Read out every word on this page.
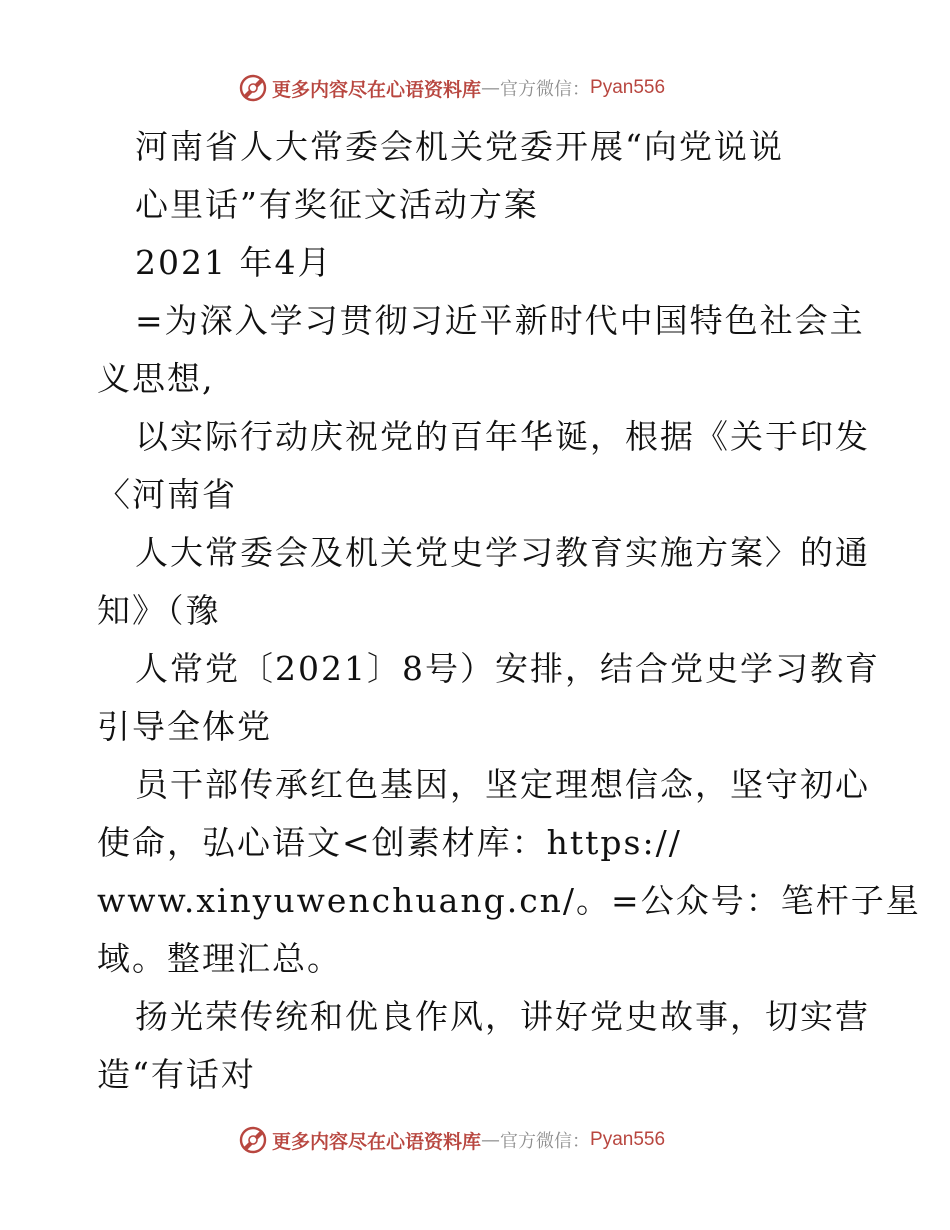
更多内容尽在心语资料库 — 官方微信： Pyan556
河南省人大常委会机关党委开展“向党说说
心里话”有奖征文活动方案
2021 年4月
=为深入学习贯彻习近平新时代中国特色社会主
义思想,
以实际行动庆祝党的百年华诞，根据《关于印发
〈河南省
人大常委会及机关党史学习教育实施方案〉的通
知》（豫
人常党〔2021〕8号）安排，结合党史学习教育
引导全体党
员干部传承红色基因，坚定理想信念，坚守初心
使命，弘心语文<创素材库：https://
www.xinyuwenchuang.cn/。=公众号：笔杆子星
域。整理汇总。
扬光荣传统和优良作风，讲好党史故事，切实营
造“有话对
更多内容尽在心语资料库 — 官方微信： Pyan556
